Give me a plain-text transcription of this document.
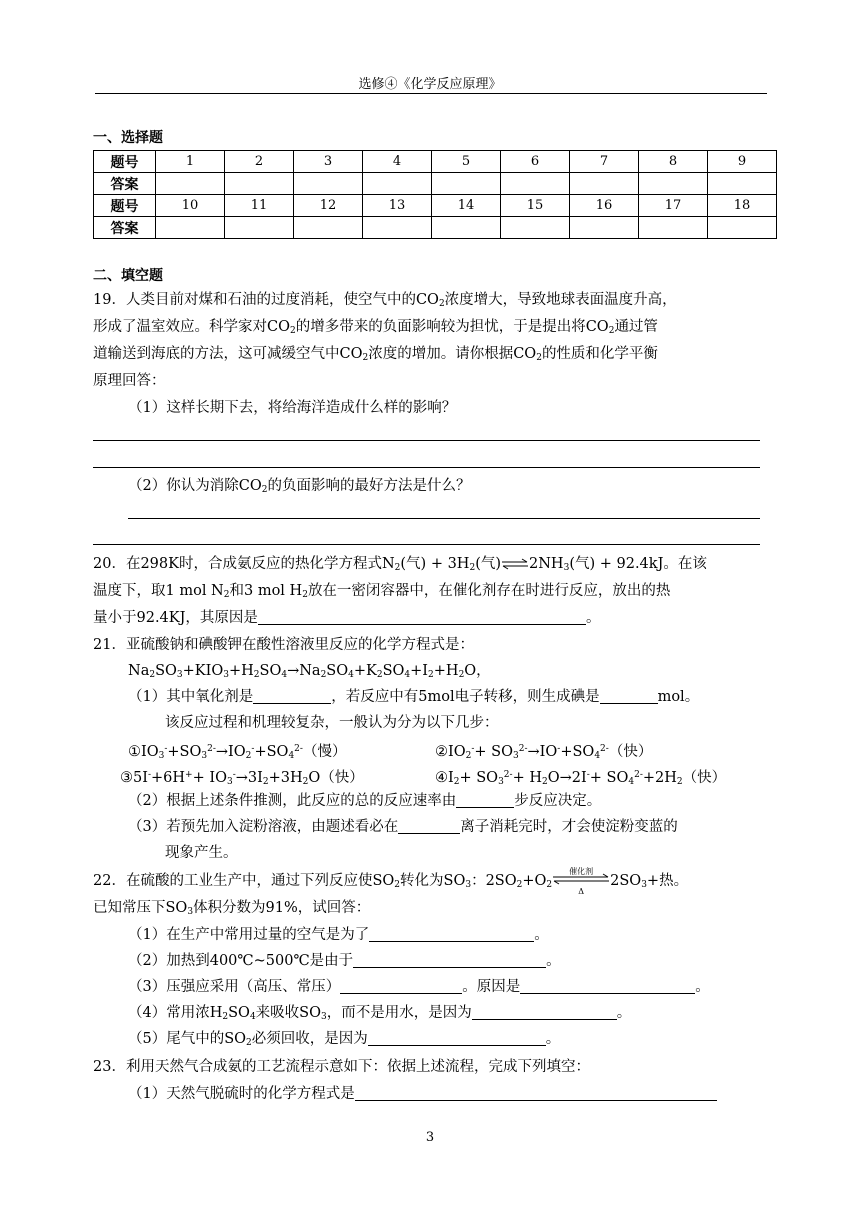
选修④《化学反应原理》
一、选择题
题号	1	2	3	4	5	6	7	8	9
答案									
题号	10	11	12	13	14	15	16	17	18
答案									
二、填空题
19．人类目前对煤和石油的过度消耗，使空气中的$CO_2$浓度增大，导致地球表面温度升高，
形成了温室效应。科学家对$CO_2$的增多带来的负面影响较为担忧，于是提出将$CO_2$通过管
道输送到海底的方法，这可减缓空气中$CO_2$浓度的增加。请你根据$CO_2$的性质和化学平衡
原理回答：
（1）这样长期下去，将给海洋造成什么样的影响？
（2）你认为消除$CO_2$的负面影响的最好方法是什么？
20．在298K时，合成氨反应的热化学方程式$N_2$(气) + $3H_2$(气)$\rightleftharpoons 2NH_3$(气) + 92.4kJ。在该
温度下，取1 mol $N_2$和3 mol $H_2$放在一密闭容器中，在催化剂存在时进行反应，放出的热
量小于92.4KJ，其原因是	。
21．亚硫酸钠和碘酸钾在酸性溶液里反应的化学方程式是：
$Na_2SO_3+KIO_3+H_2SO_4\to Na_2SO_4+K_2SO_4+I_2+H_2O$，
（1）其中氧化剂是	，若反应中有5mol电子转移，则生成碘是	mol。
该反应过程和机理较复杂，一般认为分为以下几步：
$①IO_3^-+SO_3^{2-}\to IO_2^-+SO_4^{2-}$（慢）	$②IO_2^-+ SO_3^{2-}\to IO^-+SO_4^{2-}$（快）
③5I-+6H++ $IO_3^-\to 3I_2+3H_2O$（快）	$④I_2+ SO_3^{2-}+ H_2O\to 2I^-+ SO_4^{2-}+2H_2$（快）
（2）根据上述条件推测，此反应的总的反应速率由	步反应决定。
（3）若预先加入淀粉溶液，由题述看必在	离子消耗完时，才会使淀粉变蓝的
现象产生。
22．在硫酸的工业生产中，通过下列反应使$SO_2$转化为$SO_3$：$2SO_2+O_2$
催化剂
Δ
$2SO_3+$热。
已知常压下$SO_3$体积分数为91%，试回答：
（1）在生产中常用过量的空气是为了	。
（2）加热到400℃~500℃是由于	。
（3）压强应采用（高压、常压）	。原因是	。
（4）常用浓$H_2SO_4$来吸收$SO_3$，而不是用水，是因为	。
（5）尾气中的$SO_2$必须回收，是因为	。
23．利用天然气合成氨的工艺流程示意如下：依据上述流程，完成下列填空：
（1）天然气脱硫时的化学方程式是
3
